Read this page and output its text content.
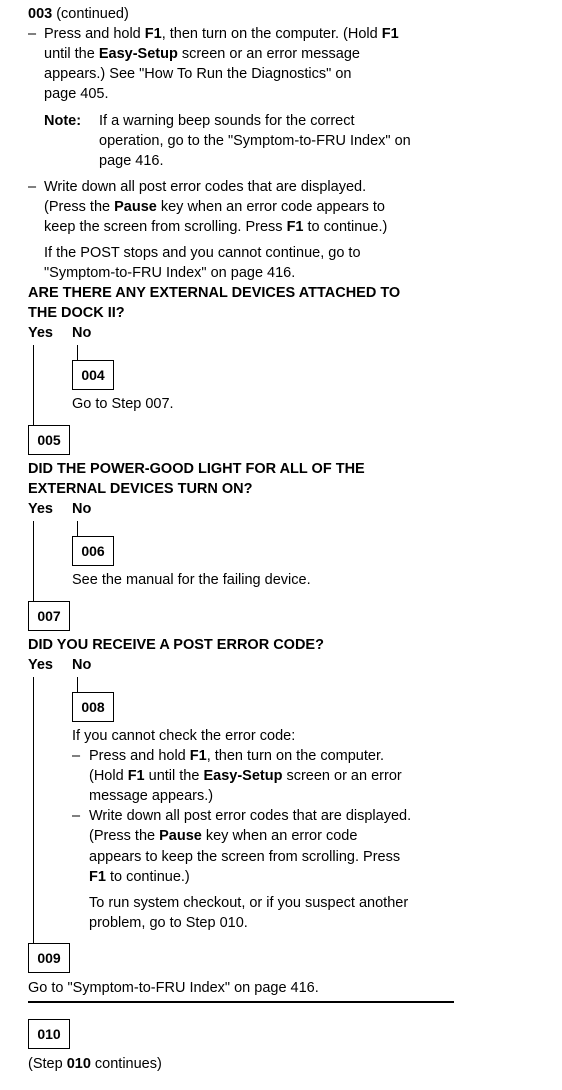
003 (continued)
– Press and hold F1, then turn on the computer. (Hold F1
until the Easy-Setup screen or an error message
appears.) See "How To Run the Diagnostics" on
page 405.
Note: If a warning beep sounds for the correct
operation, go to the "Symptom-to-FRU Index" on
page 416.
– Write down all post error codes that are displayed.
(Press the Pause key when an error code appears to
keep the screen from scrolling. Press F1 to continue.)
If the POST stops and you cannot continue, go to
"Symptom-to-FRU Index" on page 416.
ARE THERE ANY EXTERNAL DEVICES ATTACHED TO
THE DOCK II?
Yes No
004
Go to Step 007.
005
DID THE POWER-GOOD LIGHT FOR ALL OF THE
EXTERNAL DEVICES TURN ON?
Yes No
006
See the manual for the failing device.
007
DID YOU RECEIVE A POST ERROR CODE?
Yes No
008
If you cannot check the error code:
– Press and hold F1, then turn on the computer.
(Hold F1 until the Easy-Setup screen or an error
message appears.)
– Write down all post error codes that are displayed.
(Press the Pause key when an error code
appears to keep the screen from scrolling. Press
F1 to continue.)
To run system checkout, or if you suspect another
problem, go to Step 010.
009
Go to "Symptom-to-FRU Index" on page 416.
010
(Step 010 continues)
